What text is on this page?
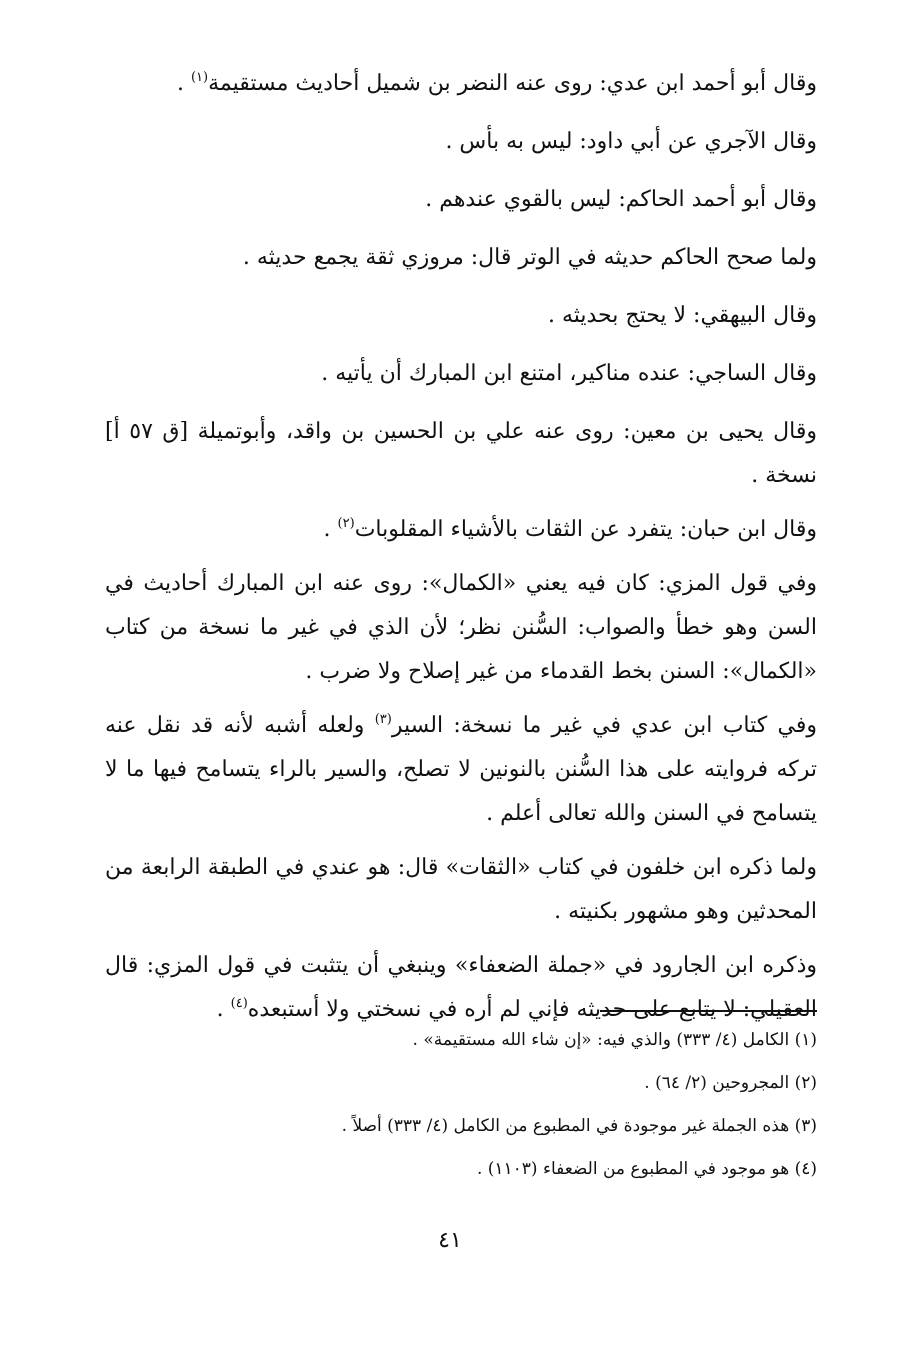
وقال أبو أحمد ابن عدي: روى عنه النضر بن شميل أحاديث مستقيمة$^{(١)}$ .

وقال الآجري عن أبي داود: ليس به بأس .

وقال أبو أحمد الحاكم: ليس بالقوي عندهم .

ولما صحح الحاكم حديثه في الوتر قال: مروزي ثقة يجمع حديثه .

وقال البيهقي: لا يحتج بحديثه .

وقال الساجي: عنده مناكير، امتنع ابن المبارك أن يأتيه .

وقال يحيى بن معين: روى عنه علي بن الحسين بن واقد، وأبوتميلة [ق ٥٧ أ] نسخة .

وقال ابن حبان: يتفرد عن الثقات بالأشياء المقلوبات$^{(٢)}$ .

وفي قول المزي: كان فيه يعني «الكمال»: روى عنه ابن المبارك أحاديث في السن وهو خطأ والصواب: السُّنن نظر؛ لأن الذي في غير ما نسخة من كتاب «الكمال»: السنن بخط القدماء من غير إصلاح ولا ضرب .

وفي كتاب ابن عدي في غير ما نسخة: السير$^{(٣)}$ ولعله أشبه لأنه قد نقل عنه تركه فروايته على هذا السُّنن بالنونين لا تصلح، والسير بالراء يتسامح فيها ما لا يتسامح في السنن والله تعالى أعلم .

ولما ذكره ابن خلفون في كتاب «الثقات» قال: هو عندي في الطبقة الرابعة من المحدثين وهو مشهور بكنيته .

وذكره ابن الجارود في «جملة الضعفاء» وينبغي أن يتثبت في قول المزي: قال العقيلي: لا يتابع على حديثه فإني لم أره في نسختي ولا أستبعده$^{(٤)}$ .

(١) الكامل (٤/ ٣٣٣) والذي فيه: «إن شاء الله مستقيمة» .

(٢) المجروحين (٢/ ٦٤) .

(٣) هذه الجملة غير موجودة في المطبوع من الكامل (٤/ ٣٣٣) أصلاً .

(٤) هو موجود في المطبوع من الضعفاء (١١٠٣) .

٤١
